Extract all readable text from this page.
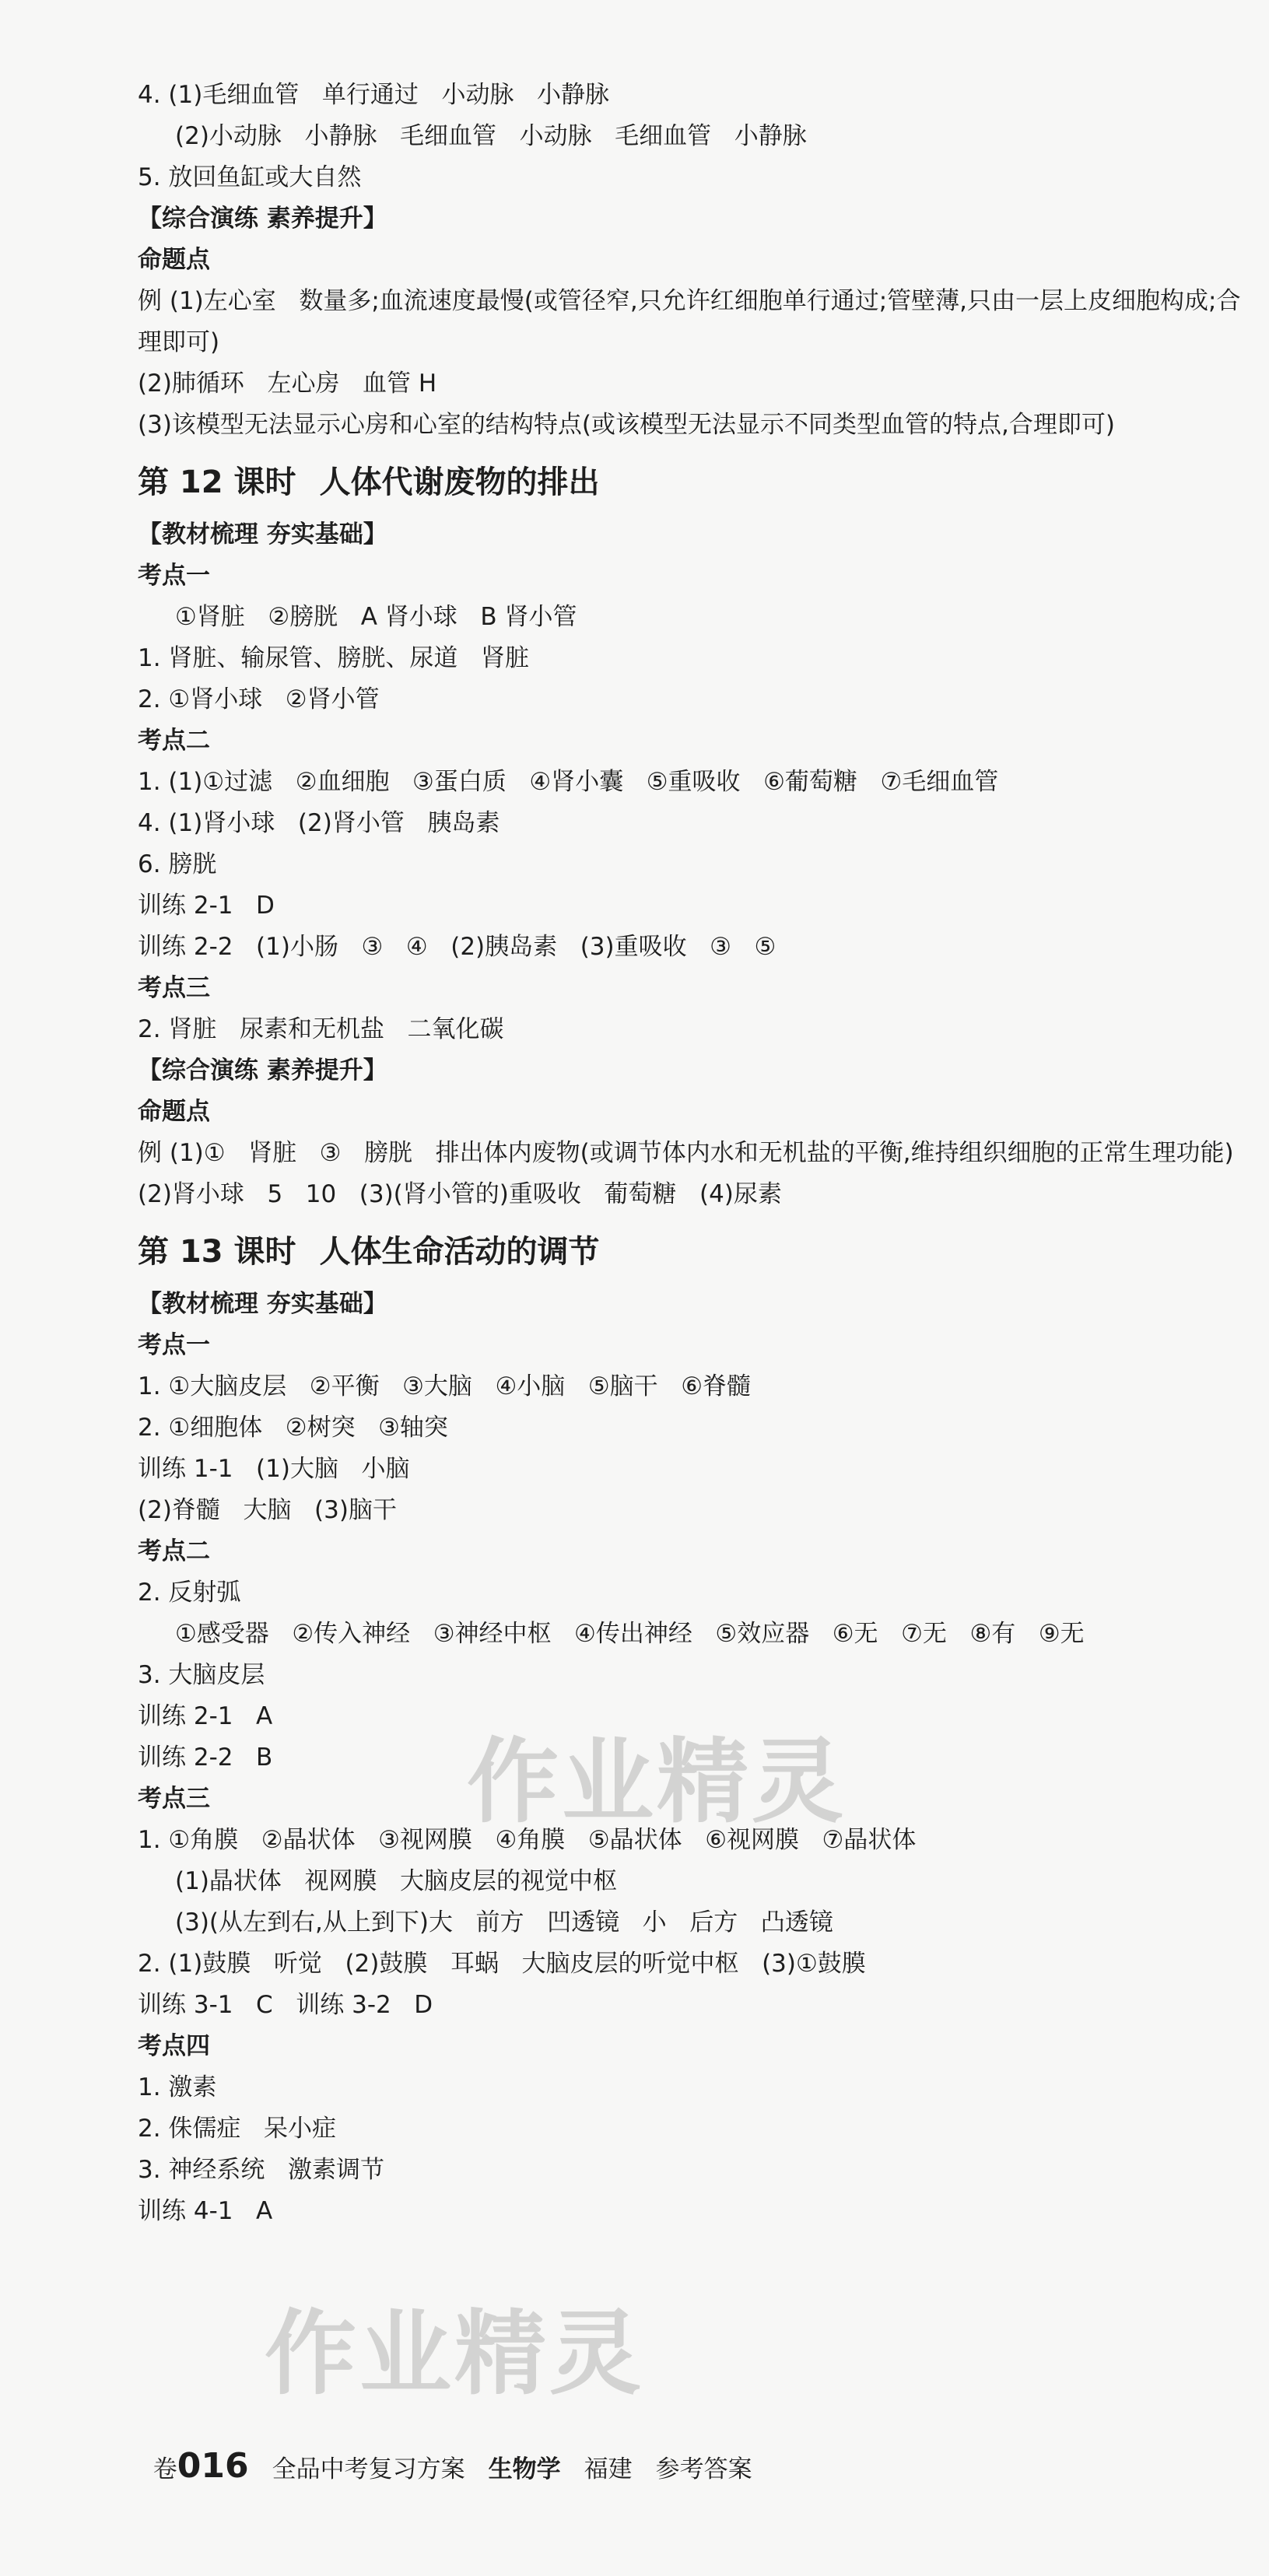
4. (1)毛细血管   单行通过   小动脉   小静脉
(2)小动脉   小静脉   毛细血管   小动脉   毛细血管   小静脉
5. 放回鱼缸或大自然
【综合演练 素养提升】
命题点
例 (1)左心室   数量多;血流速度最慢(或管径窄,只允许红细胞单行通过;管壁薄,只由一层上皮细胞构成;合理即可)
(2)肺循环   左心房   血管 H
(3)该模型无法显示心房和心室的结构特点(或该模型无法显示不同类型血管的特点,合理即可)
第 12 课时 人体代谢废物的排出
【教材梳理 夯实基础】
考点一
①肾脏   ②膀胱   A 肾小球   B 肾小管
1. 肾脏、输尿管、膀胱、尿道   肾脏
2. ①肾小球   ②肾小管
考点二
1. (1)①过滤   ②血细胞   ③蛋白质   ④肾小囊   ⑤重吸收   ⑥葡萄糖   ⑦毛细血管
4. (1)肾小球   (2)肾小管   胰岛素
6. 膀胱
训练 2-1   D
训练 2-2   (1)小肠   ③   ④   (2)胰岛素   (3)重吸收   ③   ⑤
考点三
2. 肾脏   尿素和无机盐   二氧化碳
【综合演练 素养提升】
命题点
例 (1)①   肾脏   ③   膀胱   排出体内废物(或调节体内水和无机盐的平衡,维持组织细胞的正常生理功能)
(2)肾小球   5   10   (3)(肾小管的)重吸收   葡萄糖   (4)尿素
第 13 课时 人体生命活动的调节
【教材梳理 夯实基础】
考点一
1. ①大脑皮层   ②平衡   ③大脑   ④小脑   ⑤脑干   ⑥脊髓
2. ①细胞体   ②树突   ③轴突
训练 1-1   (1)大脑   小脑
(2)脊髓   大脑   (3)脑干
考点二
2. 反射弧
①感受器   ②传入神经   ③神经中枢   ④传出神经   ⑤效应器   ⑥无   ⑦无   ⑧有   ⑨无
3. 大脑皮层
训练 2-1   A
训练 2-2   B
考点三
1. ①角膜   ②晶状体   ③视网膜   ④角膜   ⑤晶状体   ⑥视网膜   ⑦晶状体
(1)晶状体   视网膜   大脑皮层的视觉中枢
(3)(从左到右,从上到下)大   前方   凹透镜   小   后方   凸透镜
2. (1)鼓膜   听觉   (2)鼓膜   耳蜗   大脑皮层的听觉中枢   (3)①鼓膜
训练 3-1   C   训练 3-2   D
考点四
1. 激素
2. 侏儒症   呆小症
3. 神经系统   激素调节
训练 4-1   A
作业精灵
作业精灵

卷016 全品中考复习方案 生物学 福建 参考答案
